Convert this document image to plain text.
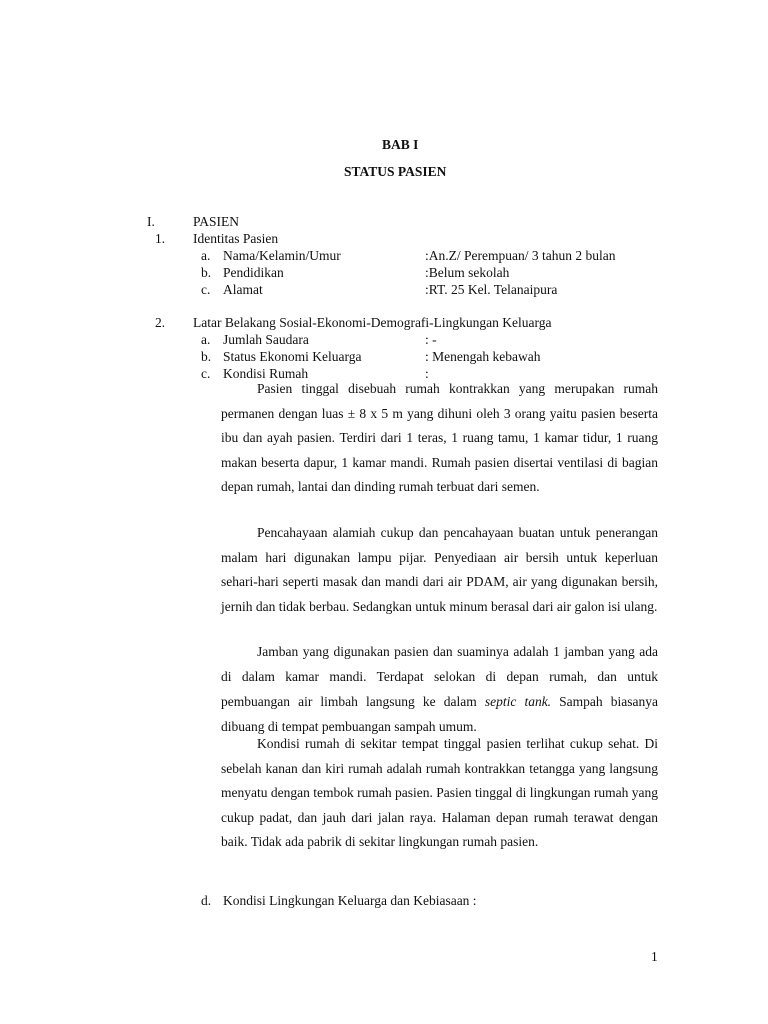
BAB I
STATUS PASIEN
I.	PASIEN
1. Identitas Pasien
a. Nama/Kelamin/Umur	:An.Z/ Perempuan/ 3 tahun 2 bulan
b. Pendidikan	:Belum sekolah
c. Alamat	:RT. 25 Kel. Telanaipura
2. Latar Belakang Sosial-Ekonomi-Demografi-Lingkungan Keluarga
a. Jumlah Saudara	: -
b. Status Ekonomi Keluarga	: Menengah kebawah
c. Kondisi Rumah	:
Pasien tinggal disebuah rumah kontrakkan yang merupakan rumah permanen dengan luas ± 8 x 5 m yang dihuni oleh 3 orang yaitu pasien beserta ibu dan ayah pasien. Terdiri dari 1 teras, 1 ruang tamu, 1 kamar tidur, 1 ruang makan beserta dapur, 1 kamar mandi. Rumah pasien disertai ventilasi di bagian depan rumah, lantai dan dinding rumah terbuat dari semen.
Pencahayaan alamiah cukup dan pencahayaan buatan untuk penerangan malam hari digunakan lampu pijar. Penyediaan air bersih untuk keperluan sehari-hari seperti masak dan mandi dari air PDAM, air yang digunakan bersih, jernih dan tidak berbau. Sedangkan untuk minum berasal dari air galon isi ulang.
Jamban yang digunakan pasien dan suaminya adalah 1 jamban yang ada di dalam kamar mandi. Terdapat selokan di depan rumah, dan untuk pembuangan air limbah langsung ke dalam septic tank. Sampah biasanya dibuang di tempat pembuangan sampah umum.
Kondisi rumah di sekitar tempat tinggal pasien terlihat cukup sehat. Di sebelah kanan dan kiri rumah adalah rumah kontrakkan tetangga yang langsung menyatu dengan tembok rumah pasien. Pasien tinggal di lingkungan rumah yang cukup padat, dan jauh dari jalan raya. Halaman depan rumah terawat dengan baik. Tidak ada pabrik di sekitar lingkungan rumah pasien.
d. Kondisi Lingkungan Keluarga dan Kebiasaan :
1
